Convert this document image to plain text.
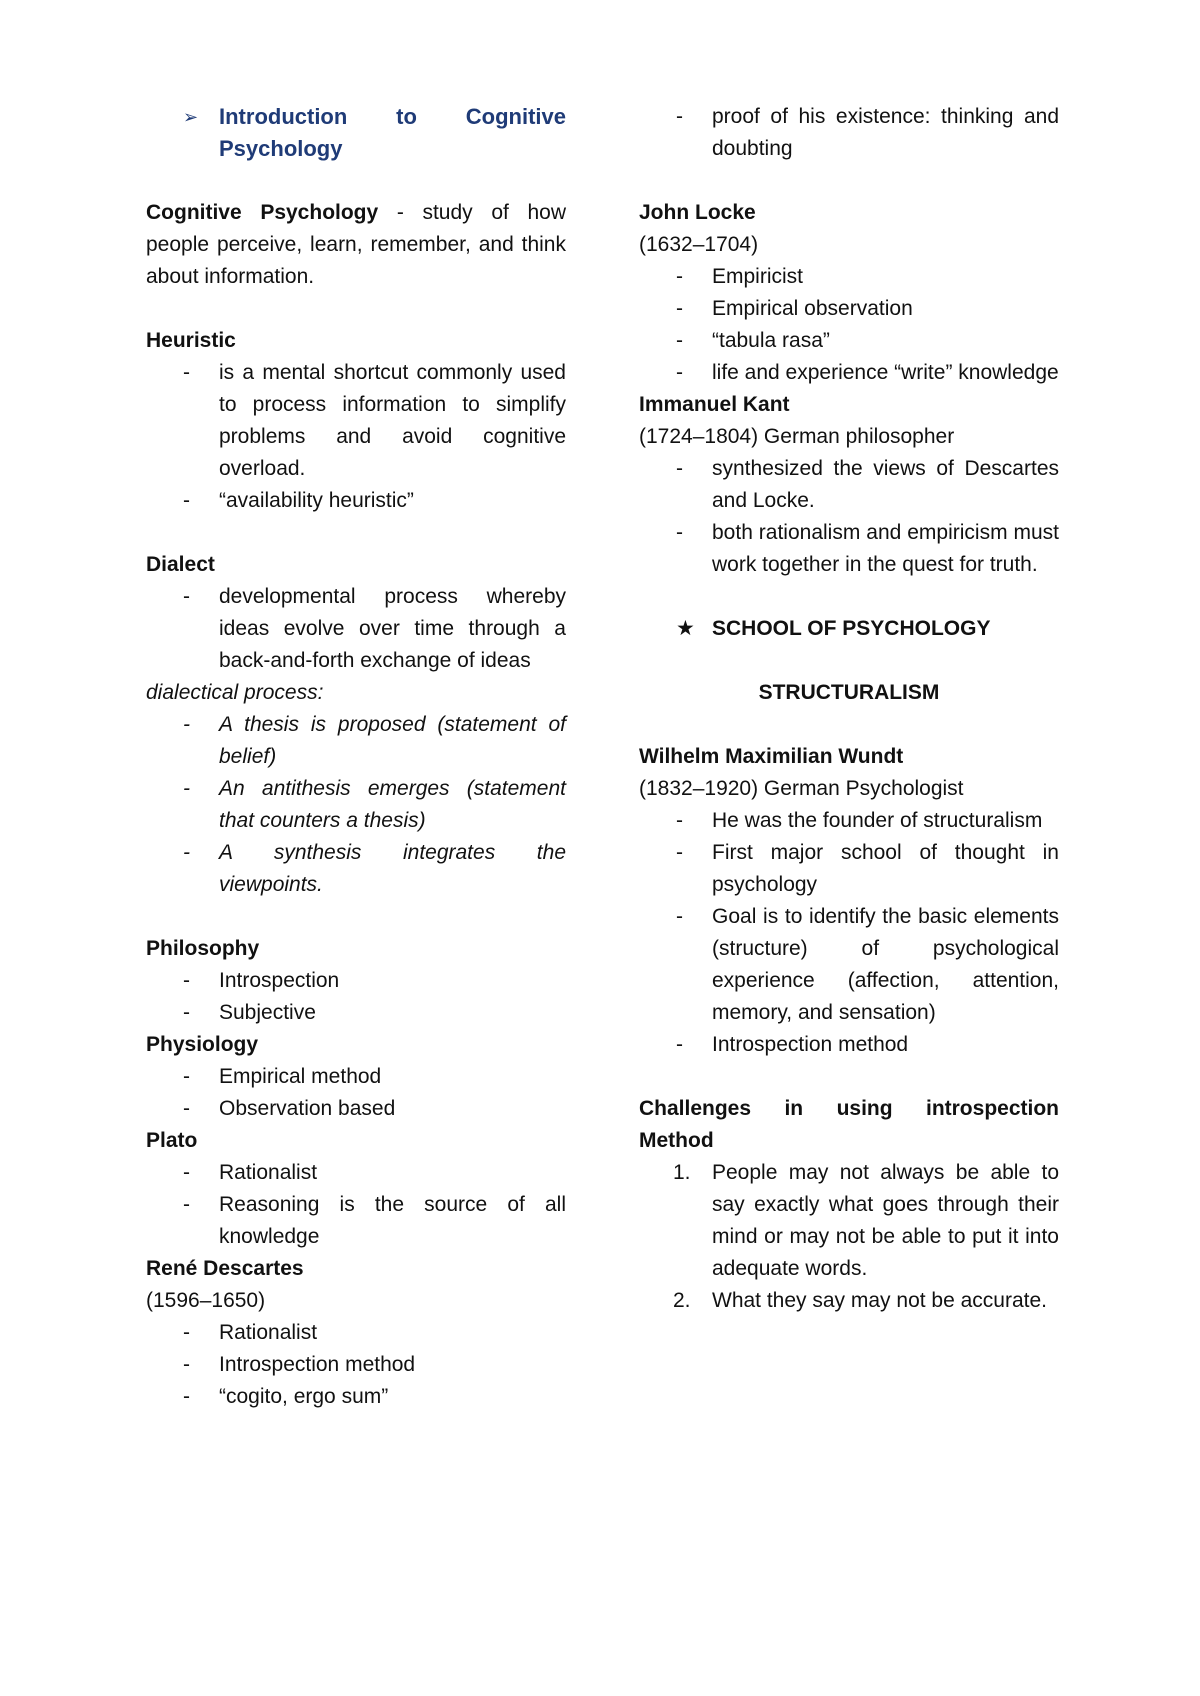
➢ Introduction to Cognitive
Psychology

Cognitive Psychology - study of how people perceive, learn, remember, and think about information.

Heuristic

- is a mental shortcut commonly used to process information to simplify problems and avoid cognitive overload.
- “availability heuristic”

Dialect

- developmental process whereby ideas evolve over time through a back-and-forth exchange of ideas

dialectical process:

- A thesis is proposed (statement of belief)
- An antithesis emerges (statement that counters a thesis)
- A synthesis integrates the viewpoints.

Philosophy

- Introspection
- Subjective

Physiology

- Empirical method
- Observation based

Plato

- Rationalist
- Reasoning is the source of all knowledge

René Descartes

(1596–1650)

- Rationalist
- Introspection method
- “cogito, ergo sum”
- proof of his existence: thinking and doubting

John Locke

(1632–1704)

- Empiricist
- Empirical observation
- “tabula rasa”
- life and experience “write” knowledge

Immanuel Kant

(1724–1804) German philosopher

- synthesized the views of Descartes and Locke.
- both rationalism and empiricism must work together in the quest for truth.
★ SCHOOL OF PSYCHOLOGY

STRUCTURALISM

Wilhelm Maximilian Wundt

(1832–1920) German Psychologist

- He was the founder of structuralism
- First major school of thought in psychology
- Goal is to identify the basic elements (structure) of psychological experience (affection, attention, memory, and sensation)
- Introspection method
Challenges in using introspection
Method
1. People may not always be able to say exactly what goes through their mind or may not be able to put it into adequate words.
2. What they say may not be accurate.
